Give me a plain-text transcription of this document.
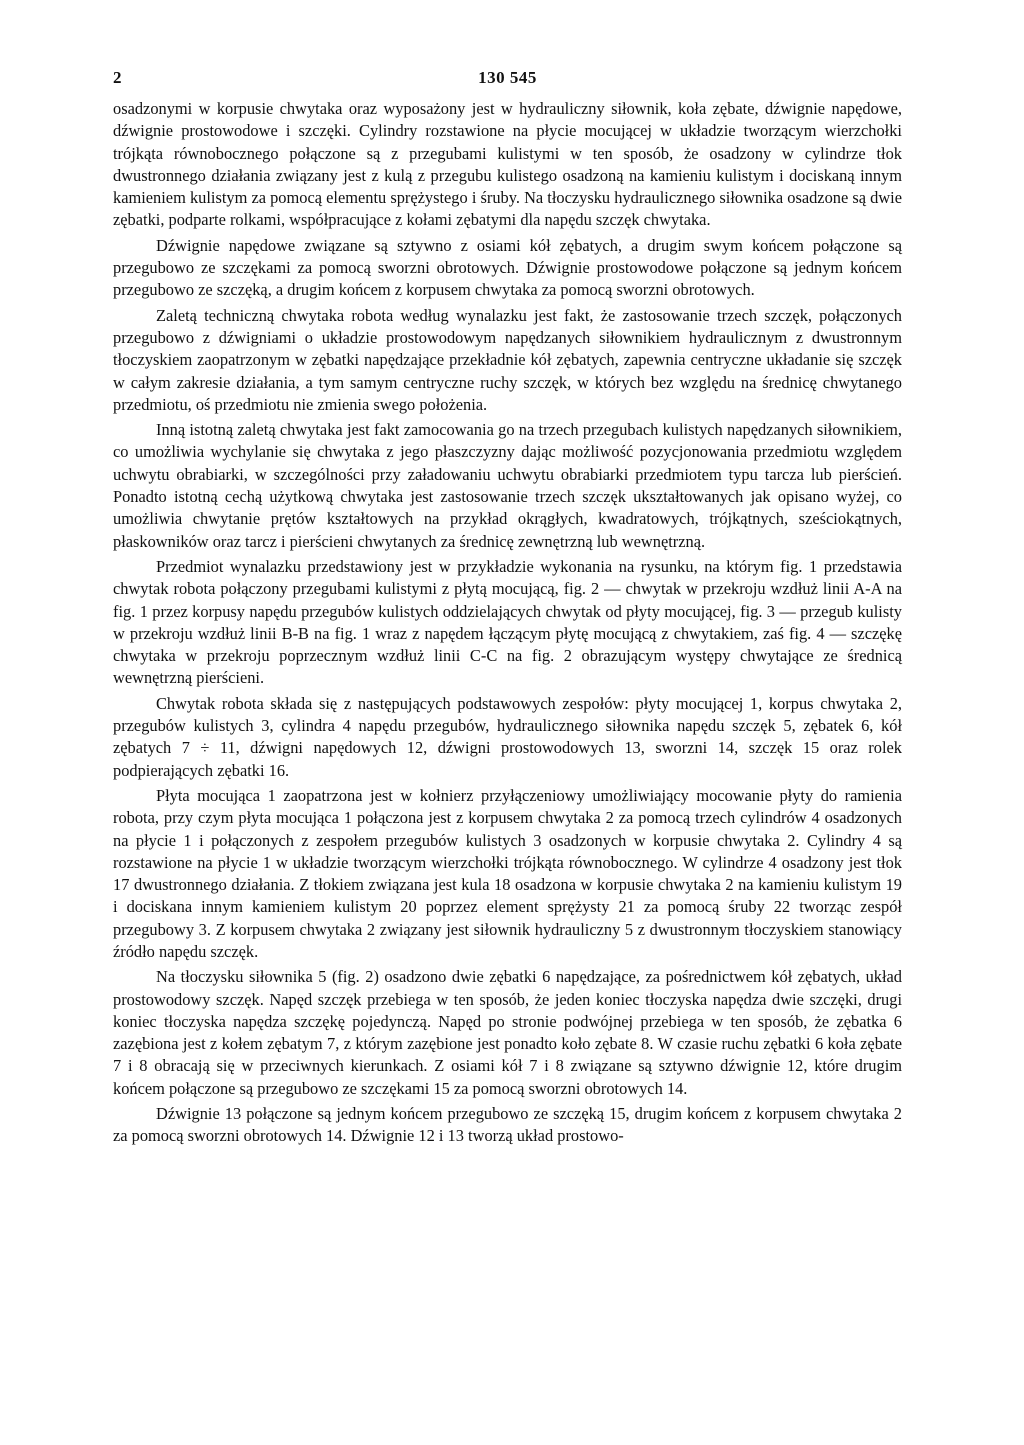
2	130 545

osadzonymi w korpusie chwytaka oraz wyposażony jest w hydrauliczny siłownik, koła zębate, dźwignie napędowe, dźwignie prostowodowe i szczęki. Cylindry rozstawione na płycie mocującej w układzie tworzącym wierzchołki trójkąta równobocznego połączone są z przegubami kulistymi w ten sposób, że osadzony w cylindrze tłok dwustronnego działania związany jest z kulą z przegubu kulistego osadzoną na kamieniu kulistym i dociskaną innym kamieniem kulistym za pomocą elementu sprężystego i śruby. Na tłoczysku hydraulicznego siłownika osadzone są dwie zębatki, podparte rolkami, współpracujące z kołami zębatymi dla napędu szczęk chwytaka.

Dźwignie napędowe związane są sztywno z osiami kół zębatych, a drugim swym końcem połączone są przegubowo ze szczękami za pomocą sworzni obrotowych. Dźwignie prostowodowe połączone są jednym końcem przegubowo ze szczęką, a drugim końcem z korpusem chwytaka za pomocą sworzni obrotowych.

Zaletą techniczną chwytaka robota według wynalazku jest fakt, że zastosowanie trzech szczęk, połączonych przegubowo z dźwigniami o układzie prostowodowym napędzanych siłownikiem hydraulicznym z dwustronnym tłoczyskiem zaopatrzonym w zębatki napędzające przekładnie kół zębatych, zapewnia centryczne układanie się szczęk w całym zakresie działania, a tym samym centryczne ruchy szczęk, w których bez względu na średnicę chwytanego przedmiotu, oś przedmiotu nie zmienia swego położenia.

Inną istotną zaletą chwytaka jest fakt zamocowania go na trzech przegubach kulistych napędzanych siłownikiem, co umożliwia wychylanie się chwytaka z jego płaszczyzny dając możliwość pozycjonowania przedmiotu względem uchwytu obrabiarki, w szczególności przy załadowaniu uchwytu obrabiarki przedmiotem typu tarcza lub pierścień. Ponadto istotną cechą użytkową chwytaka jest zastosowanie trzech szczęk ukształtowanych jak opisano wyżej, co umożliwia chwytanie prętów kształtowych na przykład okrągłych, kwadratowych, trójkątnych, sześciokątnych, płaskowników oraz tarcz i pierścieni chwytanych za średnicę zewnętrzną lub wewnętrzną.

Przedmiot wynalazku przedstawiony jest w przykładzie wykonania na rysunku, na którym fig. 1 przedstawia chwytak robota połączony przegubami kulistymi z płytą mocującą, fig. 2 — chwytak w przekroju wzdłuż linii A-A na fig. 1 przez korpusy napędu przegubów kulistych oddzielających chwytak od płyty mocującej, fig. 3 — przegub kulisty w przekroju wzdłuż linii B-B na fig. 1 wraz z napędem łączącym płytę mocującą z chwytakiem, zaś fig. 4 — szczękę chwytaka w przekroju poprzecznym wzdłuż linii C-C na fig. 2 obrazującym występy chwytające ze średnicą wewnętrzną pierścieni.

Chwytak robota składa się z następujących podstawowych zespołów: płyty mocującej 1, korpus chwytaka 2, przegubów kulistych 3, cylindra 4 napędu przegubów, hydraulicznego siłownika napędu szczęk 5, zębatek 6, kół zębatych 7 ÷ 11, dźwigni napędowych 12, dźwigni prostowodowych 13, sworzni 14, szczęk 15 oraz rolek podpierających zębatki 16.

Płyta mocująca 1 zaopatrzona jest w kołnierz przyłączeniowy umożliwiający mocowanie płyty do ramienia robota, przy czym płyta mocująca 1 połączona jest z korpusem chwytaka 2 za pomocą trzech cylindrów 4 osadzonych na płycie 1 i połączonych z zespołem przegubów kulistych 3 osadzonych w korpusie chwytaka 2. Cylindry 4 są rozstawione na płycie 1 w układzie tworzącym wierzchołki trójkąta równobocznego. W cylindrze 4 osadzony jest tłok 17 dwustronnego działania. Z tłokiem związana jest kula 18 osadzona w korpusie chwytaka 2 na kamieniu kulistym 19 i dociskana innym kamieniem kulistym 20 poprzez element sprężysty 21 za pomocą śruby 22 tworząc zespół przegubowy 3. Z korpusem chwytaka 2 związany jest siłownik hydrauliczny 5 z dwustronnym tłoczyskiem stanowiący źródło napędu szczęk.

Na tłoczysku siłownika 5 (fig. 2) osadzono dwie zębatki 6 napędzające, za pośrednictwem kół zębatych, układ prostowodowy szczęk. Napęd szczęk przebiega w ten sposób, że jeden koniec tłoczyska napędza dwie szczęki, drugi koniec tłoczyska napędza szczękę pojedynczą. Napęd po stronie podwójnej przebiega w ten sposób, że zębatka 6 zazębiona jest z kołem zębatym 7, z którym zazębione jest ponadto koło zębate 8. W czasie ruchu zębatki 6 koła zębate 7 i 8 obracają się w przeciwnych kierunkach. Z osiami kół 7 i 8 związane są sztywno dźwignie 12, które drugim końcem połączone są przegubowo ze szczękami 15 za pomocą sworzni obrotowych 14.

Dźwignie 13 połączone są jednym końcem przegubowo ze szczęką 15, drugim końcem z korpusem chwytaka 2 za pomocą sworzni obrotowych 14. Dźwignie 12 i 13 tworzą układ prostowo-
